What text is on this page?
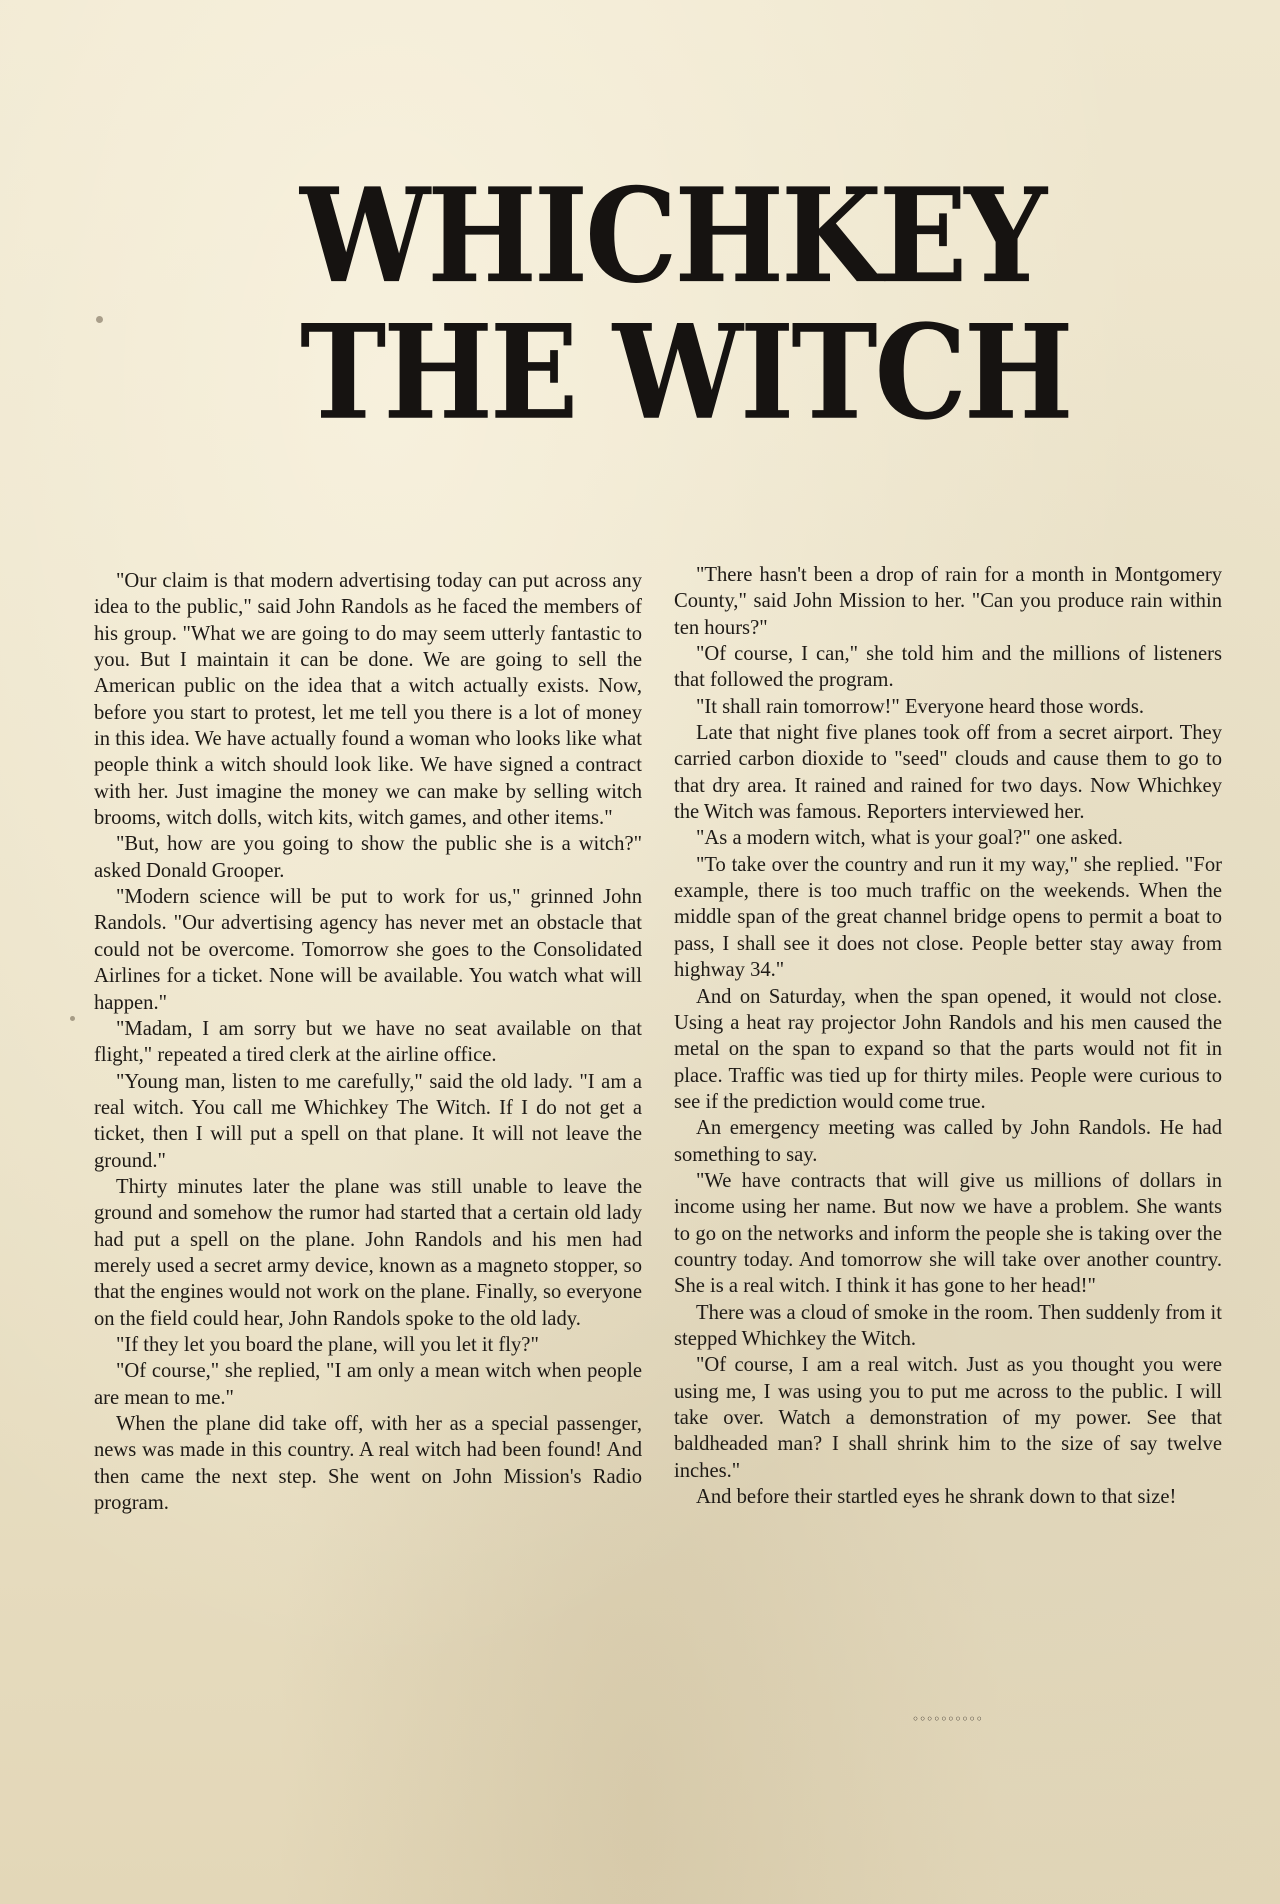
WHICHKEY
THE WITCH

"Our claim is that modern advertising today can put across any idea to the public," said John Randols as he faced the members of his group. "What we are going to do may seem utterly fantastic to you. But I maintain it can be done. We are going to sell the American public on the idea that a witch actually exists. Now, before you start to protest, let me tell you there is a lot of money in this idea. We have actually found a woman who looks like what people think a witch should look like. We have signed a contract with her. Just imagine the money we can make by selling witch brooms, witch dolls, witch kits, witch games, and other items."

"But, how are you going to show the public she is a witch?" asked Donald Grooper.

"Modern science will be put to work for us," grinned John Randols. "Our advertising agency has never met an obstacle that could not be overcome. Tomorrow she goes to the Consolidated Airlines for a ticket. None will be available. You watch what will happen."

"Madam, I am sorry but we have no seat available on that flight," repeated a tired clerk at the airline office.

"Young man, listen to me carefully," said the old lady. "I am a real witch. You call me Whichkey The Witch. If I do not get a ticket, then I will put a spell on that plane. It will not leave the ground."

Thirty minutes later the plane was still unable to leave the ground and somehow the rumor had started that a certain old lady had put a spell on the plane. John Randols and his men had merely used a secret army device, known as a magneto stopper, so that the engines would not work on the plane. Finally, so everyone on the field could hear, John Randols spoke to the old lady.

"If they let you board the plane, will you let it fly?"

"Of course," she replied, "I am only a mean witch when people are mean to me."

When the plane did take off, with her as a special passenger, news was made in this country. A real witch had been found! And then came the next step. She went on John Mission's Radio program.

"There hasn't been a drop of rain for a month in Montgomery County," said John Mission to her. "Can you produce rain within ten hours?"

"Of course, I can," she told him and the millions of listeners that followed the program.

"It shall rain tomorrow!" Everyone heard those words.

Late that night five planes took off from a secret airport. They carried carbon dioxide to "seed" clouds and cause them to go to that dry area. It rained and rained for two days. Now Whichkey the Witch was famous. Reporters interviewed her.

"As a modern witch, what is your goal?" one asked.

"To take over the country and run it my way," she replied. "For example, there is too much traffic on the weekends. When the middle span of the great channel bridge opens to permit a boat to pass, I shall see it does not close. People better stay away from highway 34."

And on Saturday, when the span opened, it would not close. Using a heat ray projector John Randols and his men caused the metal on the span to expand so that the parts would not fit in place. Traffic was tied up for thirty miles. People were curious to see if the prediction would come true.

An emergency meeting was called by John Randols. He had something to say.

"We have contracts that will give us millions of dollars in income using her name. But now we have a problem. She wants to go on the networks and inform the people she is taking over the country today. And tomorrow she will take over another country. She is a real witch. I think it has gone to her head!"

There was a cloud of smoke in the room. Then suddenly from it stepped Whichkey the Witch.

"Of course, I am a real witch. Just as you thought you were using me, I was using you to put me across to the public. I will take over. Watch a demonstration of my power. See that baldheaded man? I shall shrink him to the size of say twelve inches."

And before their startled eyes he shrank down to that size!

◦◦◦◦◦◦◦◦◦◦
